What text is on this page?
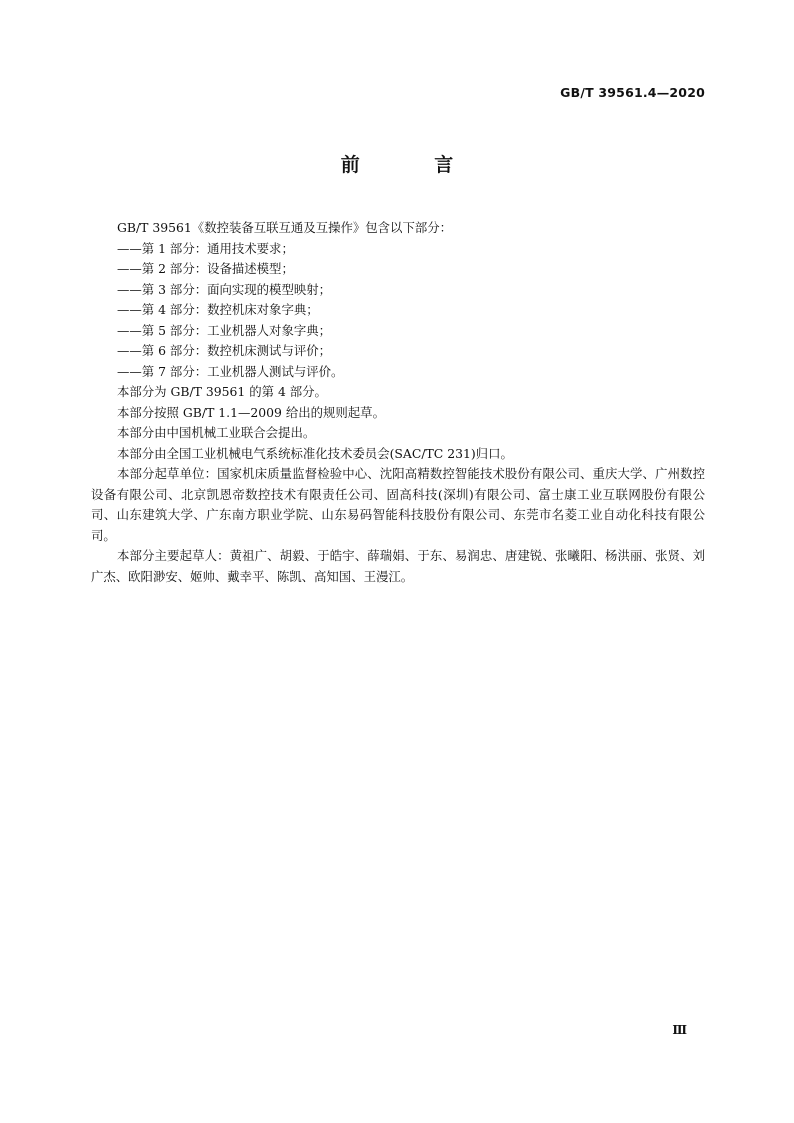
GB/T 39561.4—2020
前 言

GB/T 39561《数控装备互联互通及互操作》包含以下部分：

——第 1 部分：通用技术要求；

——第 2 部分：设备描述模型；

——第 3 部分：面向实现的模型映射；

——第 4 部分：数控机床对象字典；

——第 5 部分：工业机器人对象字典；

——第 6 部分：数控机床测试与评价；

——第 7 部分：工业机器人测试与评价。

本部分为 GB/T 39561 的第 4 部分。

本部分按照 GB/T 1.1—2009 给出的规则起草。

本部分由中国机械工业联合会提出。

本部分由全国工业机械电气系统标准化技术委员会(SAC/TC 231)归口。

本部分起草单位：国家机床质量监督检验中心、沈阳高精数控智能技术股份有限公司、重庆大学、广州数控设备有限公司、北京凯恩帝数控技术有限责任公司、固高科技(深圳)有限公司、富士康工业互联网股份有限公司、山东建筑大学、广东南方职业学院、山东易码智能科技股份有限公司、东莞市名菱工业自动化科技有限公司。

本部分主要起草人：黄祖广、胡毅、于皓宇、薛瑞娟、于东、易润忠、唐建锐、张曦阳、杨洪丽、张贤、刘广杰、欧阳渺安、姬帅、戴幸平、陈凯、高知国、王漫江。

Ⅲ
